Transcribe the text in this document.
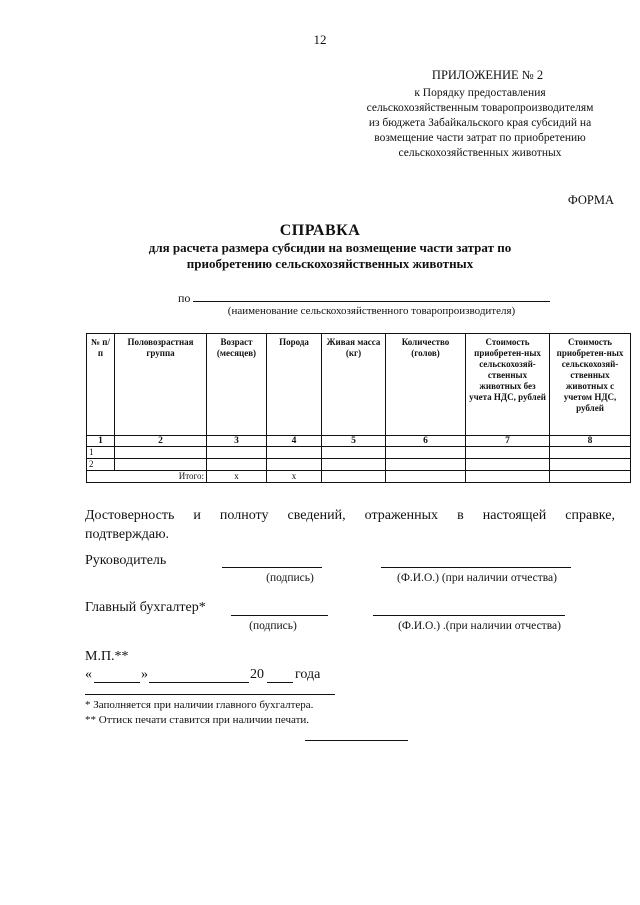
12
ПРИЛОЖЕНИЕ № 2
к Порядку предоставления
сельскохозяйственным товаропроизводителям
из бюджета Забайкальского края субсидий на
возмещение части затрат по приобретению
сельскохозяйственных животных
ФОРМА
СПРАВКА
для расчета размера субсидии на возмещение части затрат по
приобретению сельскохозяйственных животных
по
(наименование сельскохозяйственного товаропроизводителя)
№ п/п	Половозрастная группа	Возраст (месяцев)	Порода	Живая масса (кг)	Количество (голов)	Стоимость приобретен-ных сельскохозяй-ственных животных без учета НДС, рублей	Стоимость приобретен-ных сельскохозяй-ственных животных с учетом НДС, рублей
1	2	3	4	5	6	7	8
1							
2							
Итого:		х	х				
Достоверность и полноту сведений, отраженных в настоящей справке,
подтверждаю.
Руководитель
(подпись)	(Ф.И.О.) (при наличии отчества)
Главный бухгалтер*
(подпись)	(Ф.И.О.) .(при наличии отчества)
М.П.**
«	»	20 года
* Заполняется при наличии главного бухгалтера.
** Оттиск печати ставится при наличии печати.
